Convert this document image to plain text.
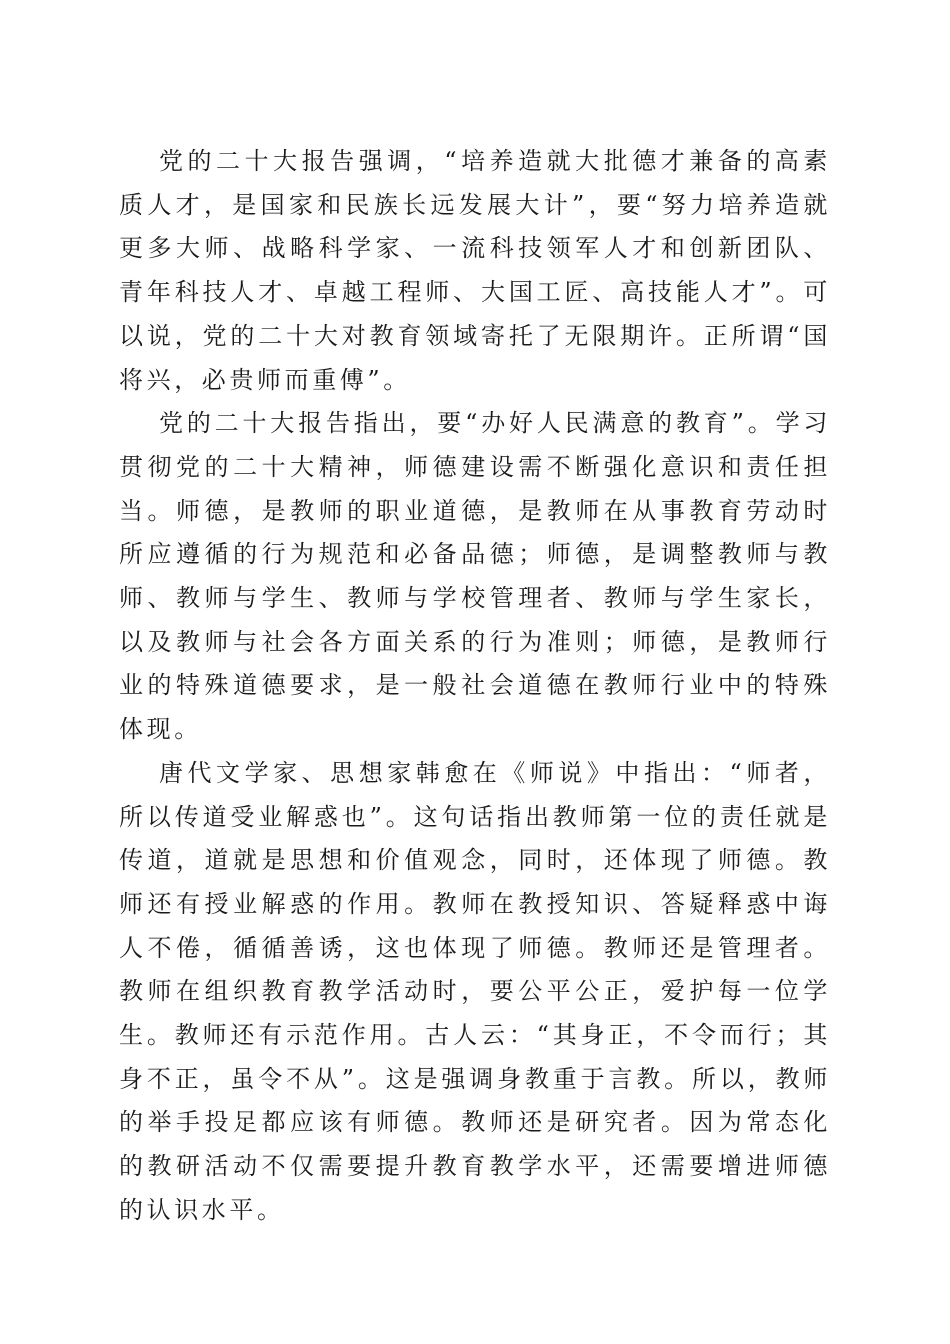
党的二十大报告强调，“培养造就大批德才兼备的高素质人才，是国家和民族长远发展大计”，要“努力培养造就更多大师、战略科学家、一流科技领军人才和创新团队、青年科技人才、卓越工程师、大国工匠、高技能人才”。可以说，党的二十大对教育领域寄托了无限期许。正所谓“国将兴，必贵师而重傅”。

党的二十大报告指出，要“办好人民满意的教育”。学习贯彻党的二十大精神，师德建设需不断强化意识和责任担当。师德，是教师的职业道德，是教师在从事教育劳动时所应遵循的行为规范和必备品德；师德，是调整教师与教师、教师与学生、教师与学校管理者、教师与学生家长，以及教师与社会各方面关系的行为准则；师德，是教师行业的特殊道德要求，是一般社会道德在教师行业中的特殊体现。

唐代文学家、思想家韩愈在《师说》中指出：“师者，所以传道受业解惑也”。这句话指出教师第一位的责任就是传道，道就是思想和价值观念，同时，还体现了师德。教师还有授业解惑的作用。教师在教授知识、答疑释惑中诲人不倦，循循善诱，这也体现了师德。教师还是管理者。教师在组织教育教学活动时，要公平公正，爱护每一位学生。教师还有示范作用。古人云：“其身正，不令而行；其身不正，虽令不从”。这是强调身教重于言教。所以，教师的举手投足都应该有师德。教师还是研究者。因为常态化的教研活动不仅需要提升教育教学水平，还需要增进师德的认识水平。
